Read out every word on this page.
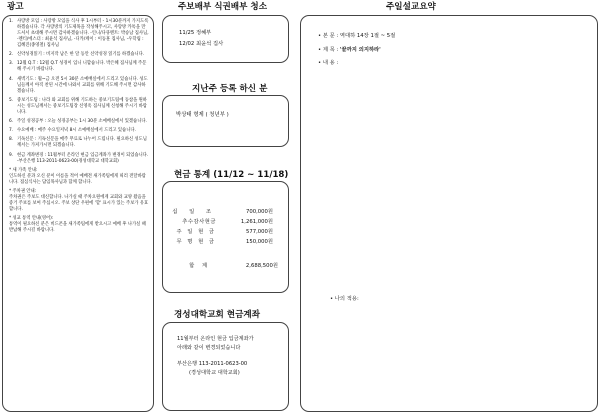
광고	주보배부 식권배부 청소
지난주 등록 하신 분
현금 통계 (11/12 ~ 11/18)
경성대학교회 현금계좌
주일설교요약
1. 사랑방 모임 : 사랑방 모임을 식사 후 1시부터 - 1시30분까지 가지도록 하겠습니다. 각 사랑방의 기도제목을 작성해주시고, 사랑방 카톡을 만드셔서 초대해 주시면 감사하겠습니다. -인니/다큐멘트: 박승남 집사님, -멘티/에스더 : 최윤석 집사님, -디카/케이 : 이동훈 집사님, -우학림 : 김혜진(종영철) 집사님
2. 신약성경읽기 : 비지작 남은 한 달 동안 신약성경 읽기를 하겠습니다.
3. 12월 Q.T : 12월 Q.T 성경이 입니 니합습니다. 박은혜 집사님께 주문해 주시기 바랍니다.
4. 새벽기도 : 월~금 오전 5시 30분 소예배실에서 드리고 있습니다. 성도님들께서 아직 찬된 시간에 나와서 교회를 위해 기도해 주시면 감사하겠습니다.
5. 중보기도팀 : 나라 와 교회를 위해 기도하는 중보기도팀에 동참을 원하시는 성도님께서는 중보기도팀장 신영옥 집사님께 신청해 주시기 바랍니다.
6. 주일 성경공부 : 오늘 성경공부는 1시 30분 소예배실에서 있겠습니다.
7. 수요예배 : 매주 수요일저녁 8시 소예배실에서 드리고 있습니다.
8. 기독신문 : 기독신문을 매주 무료로 나누어 드립니다. 필요하신 성도님께서는 가져가시면 되겠습니다.
9. 현금 계좌변경 : 11월부터 온라인 현금 입금계좌가 변경이 되었습니다. -부산은행 113-2011-0623-00(경성대학교 대학교회)
* 새 가족 안내:
인도하신 분과 오신 분이 이름을 적어 예배전 새가족팀에게 띠러 전달바랍니다. 접심식사는 담임목사님과 함께 합니다.
* 주차권 안내:
주차권은 주보도 대신합니다. 나가실 때 주차요원에게 교회와 교양 왔음을 증거 주보를 보여 주십시오. 주보 상단 우편에 '할' 표시가 있는 주보가 유효합니다.
* 성교 통역 안내(영어):
통역이 필요하신 분은 비드폰을 새가족팀에게 받으시고 예배 후 나가실 때 반납해 주시길 바랍니다.
11/25 정혜부
12/02 최윤석 집사
박상태 형제 ( 청년부 )
십 일 조	700,000원
추수감사현금	1,261,000원
주 일 현 금	577,000원
무 명 현 금	150,000원
합 계	2,688,500원
11월부터 온라인 현금 입금계좌가
아래와 같이 변경되었습니다
부산은행 113-2011-0623-00
(경성대학교 대학교회)
• 본 문 : 역대하 14장 1절 ~ 5절
• 제 목 : '끝까지 의지하라'
• 내 용 :
• 나의 적용:
